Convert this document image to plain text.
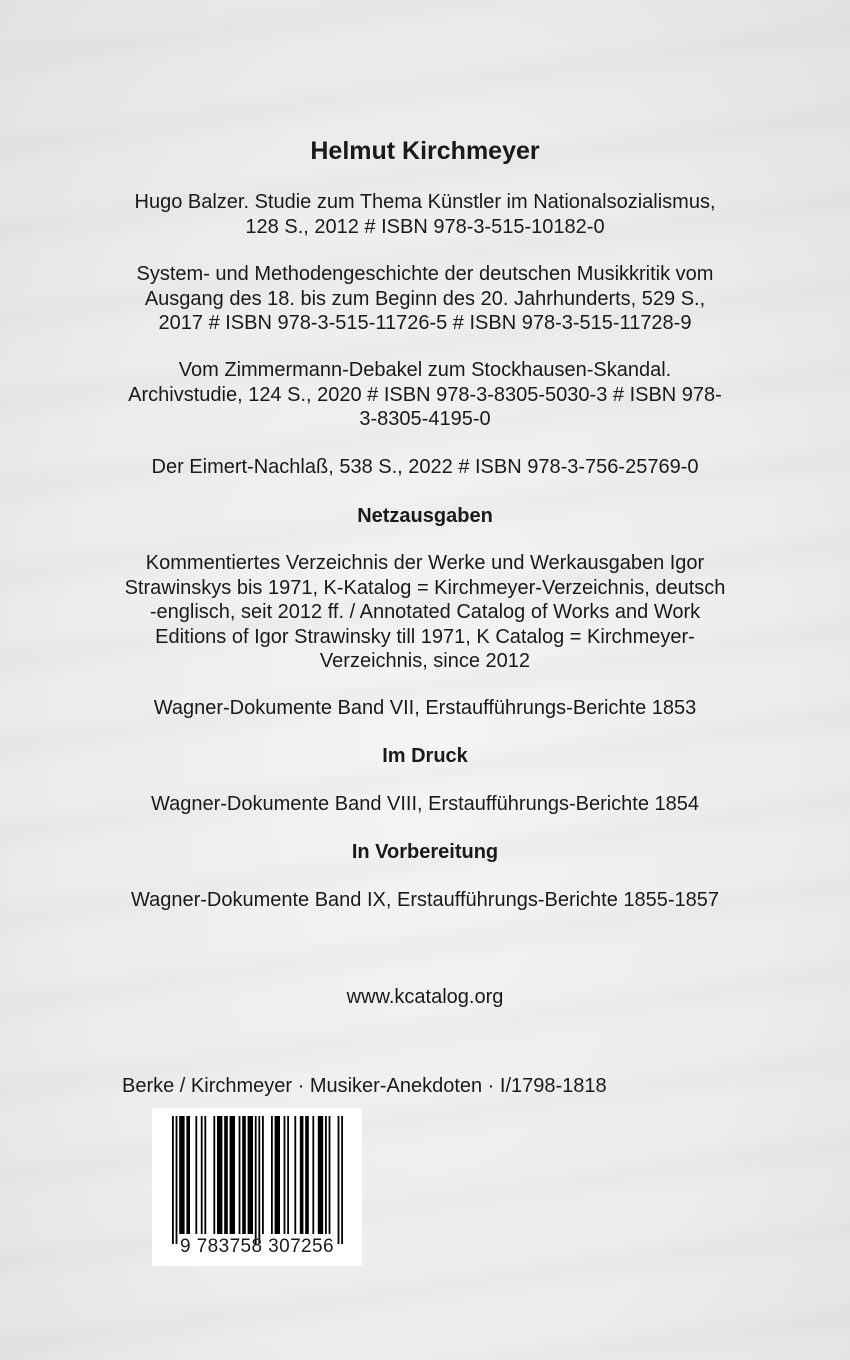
Helmut Kirchmeyer
Hugo Balzer. Studie zum Thema Künstler im Nationalsozialismus,
128 S., 2012 # ISBN 978-3-515-10182-0
System- und Methodengeschichte der deutschen Musikkritik vom
Ausgang des 18. bis zum Beginn des 20. Jahrhunderts, 529 S.,
2017 # ISBN 978-3-515-11726-5 # ISBN 978-3-515-11728-9
Vom Zimmermann-Debakel zum Stockhausen-Skandal.
Archivstudie, 124 S., 2020 # ISBN 978-3-8305-5030-3 # ISBN 978-
3-8305-4195-0
Der Eimert-Nachlaß, 538 S., 2022 # ISBN 978-3-756-25769-0
Netzausgaben
Kommentiertes Verzeichnis der Werke und Werkausgaben Igor
Strawinskys bis 1971, K-Katalog = Kirchmeyer-Verzeichnis, deutsch
-englisch, seit 2012 ff. / Annotated Catalog of Works and Work
Editions of Igor Strawinsky till 1971, K Catalog = Kirchmeyer-
Verzeichnis, since 2012
Wagner-Dokumente Band VII, Erstaufführungs-Berichte 1853
Im Druck
Wagner-Dokumente Band VIII, Erstaufführungs-Berichte 1854
In Vorbereitung
Wagner-Dokumente Band IX, Erstaufführungs-Berichte 1855-1857
www.kcatalog.org
Berke / Kirchmeyer · Musiker-Anekdoten · I/1798-1818
9 783758 307256
